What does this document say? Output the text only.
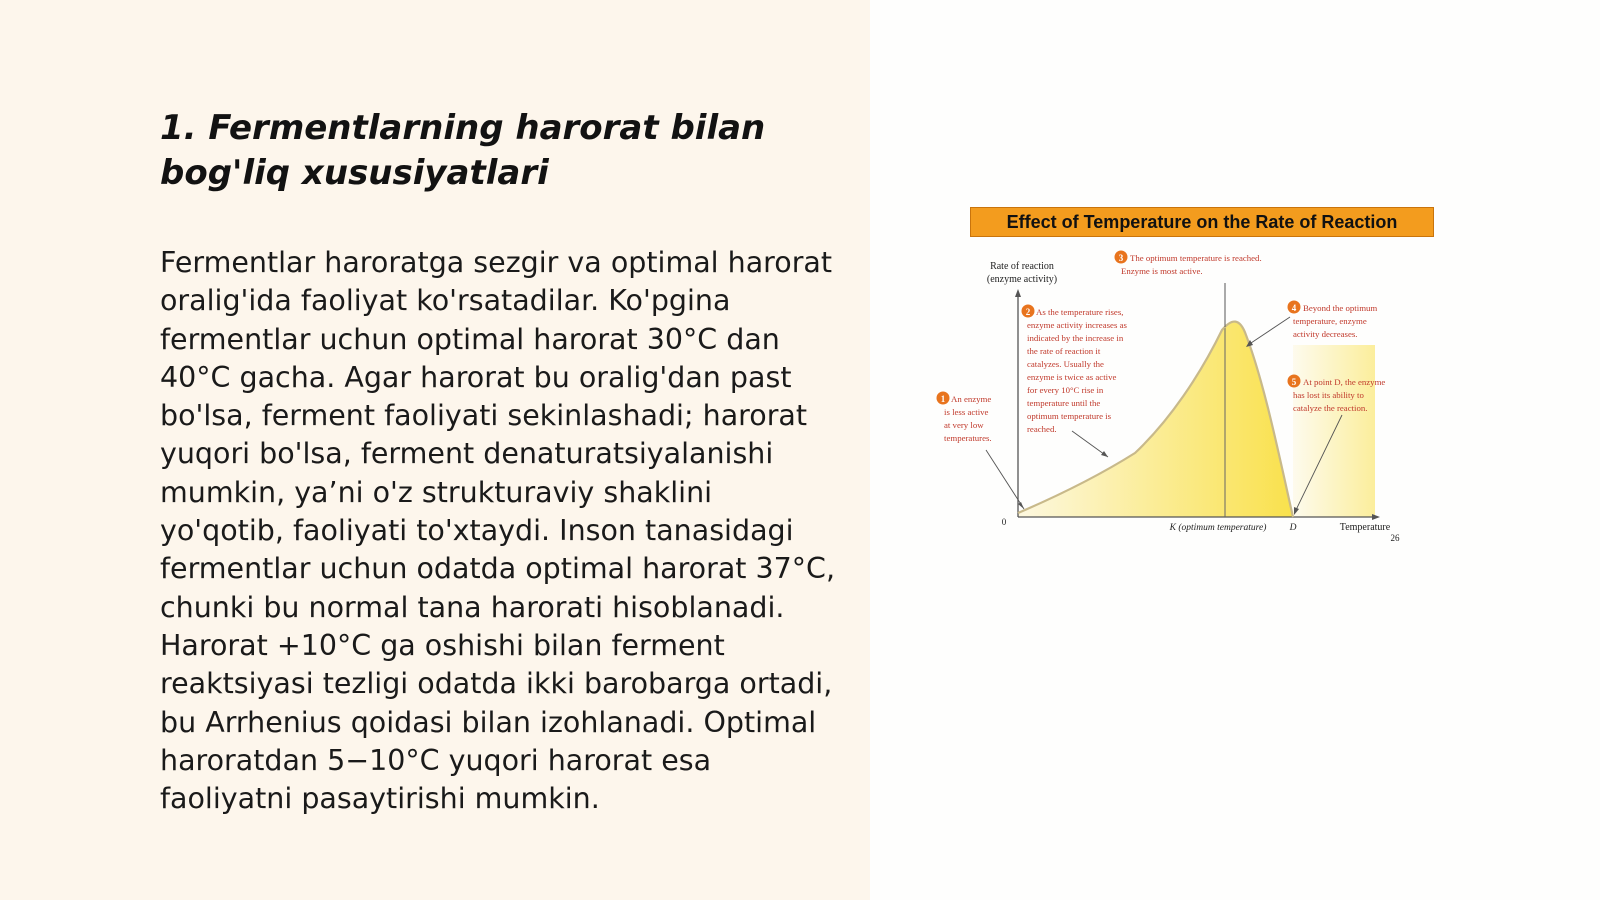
1. Fermentlarning harorat bilan
bog'liq xususiyatlari

Fermentlar haroratga sezgir va optimal harorat oralig'ida faoliyat ko'rsatadilar. Ko'pgina fermentlar uchun optimal harorat 30°C dan 40°C gacha. Agar harorat bu oralig'dan past bo'lsa, ferment faoliyati sekinlashadi; harorat yuqori bo'lsa, ferment denaturatsiyalanishi mumkin, ya’ni o'z strukturaviy shaklini yo'qotib, faoliyati to'xtaydi. Inson tanasidagi fermentlar uchun odatda optimal harorat 37°C, chunki bu normal tana harorati hisoblanadi. Harorat +10°C ga oshishi bilan ferment reaktsiyasi tezligi odatda ikki barobarga ortadi, bu Arrhenius qoidasi bilan izohlanadi. Optimal haroratdan 5−10°C yuqori harorat esa faoliyatni pasaytirishi mumkin.

Effect of Temperature on the Rate of Reaction
Rate of reaction
(enzyme activity)
0
K (optimum temperature) D	Temperature
26
1 An enzyme is less active at very low temperatures.
2 As the temperature rises, enzyme activity increases as indicated by the increase in the rate of reaction it catalyzes. Usually the enzyme is twice as active for every 10°C rise in temperature until the optimum temperature is reached.
3 The optimum temperature is reached. Enzyme is most active.
4 Beyond the optimum temperature, enzyme activity decreases.
5 At point D, the enzyme has lost its ability to catalyze the reaction.
